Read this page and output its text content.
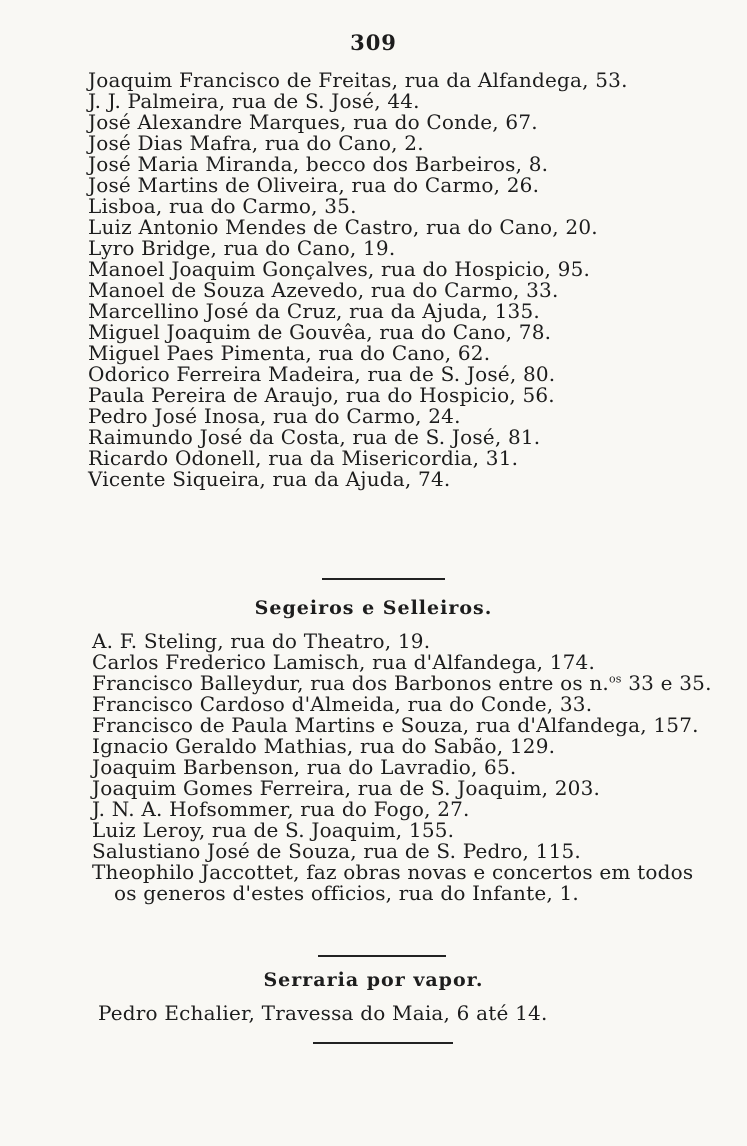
309
Joaquim Francisco de Freitas, rua da Alfandega, 53.
J. J. Palmeira, rua de S. José, 44.
José Alexandre Marques, rua do Conde, 67.
José Dias Mafra, rua do Cano, 2.
José Maria Miranda, becco dos Barbeiros, 8.
José Martins de Oliveira, rua do Carmo, 26.
Lisboa, rua do Carmo, 35.
Luiz Antonio Mendes de Castro, rua do Cano, 20.
Lyro Bridge, rua do Cano, 19.
Manoel Joaquim Gonçalves, rua do Hospicio, 95.
Manoel de Souza Azevedo, rua do Carmo, 33.
Marcellino José da Cruz, rua da Ajuda, 135.
Miguel Joaquim de Gouvêa, rua do Cano, 78.
Miguel Paes Pimenta, rua do Cano, 62.
Odorico Ferreira Madeira, rua de S. José, 80.
Paula Pereira de Araujo, rua do Hospicio, 56.
Pedro José Inosa, rua do Carmo, 24.
Raimundo José da Costa, rua de S. José, 81.
Ricardo Odonell, rua da Misericordia, 31.
Vicente Siqueira, rua da Ajuda, 74.
Segeiros e Selleiros.
A. F. Steling, rua do Theatro, 19.
Carlos Frederico Lamisch, rua d'Alfandega, 174.
Francisco Balleydur, rua dos Barbonos entre os n.$^{os}$ 33 e 35.
Francisco Cardoso d'Almeida, rua do Conde, 33.
Francisco de Paula Martins e Souza, rua d'Alfandega, 157.
Ignacio Geraldo Mathias, rua do Sabão, 129.
Joaquim Barbenson, rua do Lavradio, 65.
Joaquim Gomes Ferreira, rua de S. Joaquim, 203.
J. N. A. Hofsommer, rua do Fogo, 27.
Luiz Leroy, rua de S. Joaquim, 155.
Salustiano José de Souza, rua de S. Pedro, 115.
Theophilo Jaccottet, faz obras novas e concertos em todos
os generos d'estes officios, rua do Infante, 1.
Serraria por vapor.
Pedro Echalier, Travessa do Maia, 6 até 14.
